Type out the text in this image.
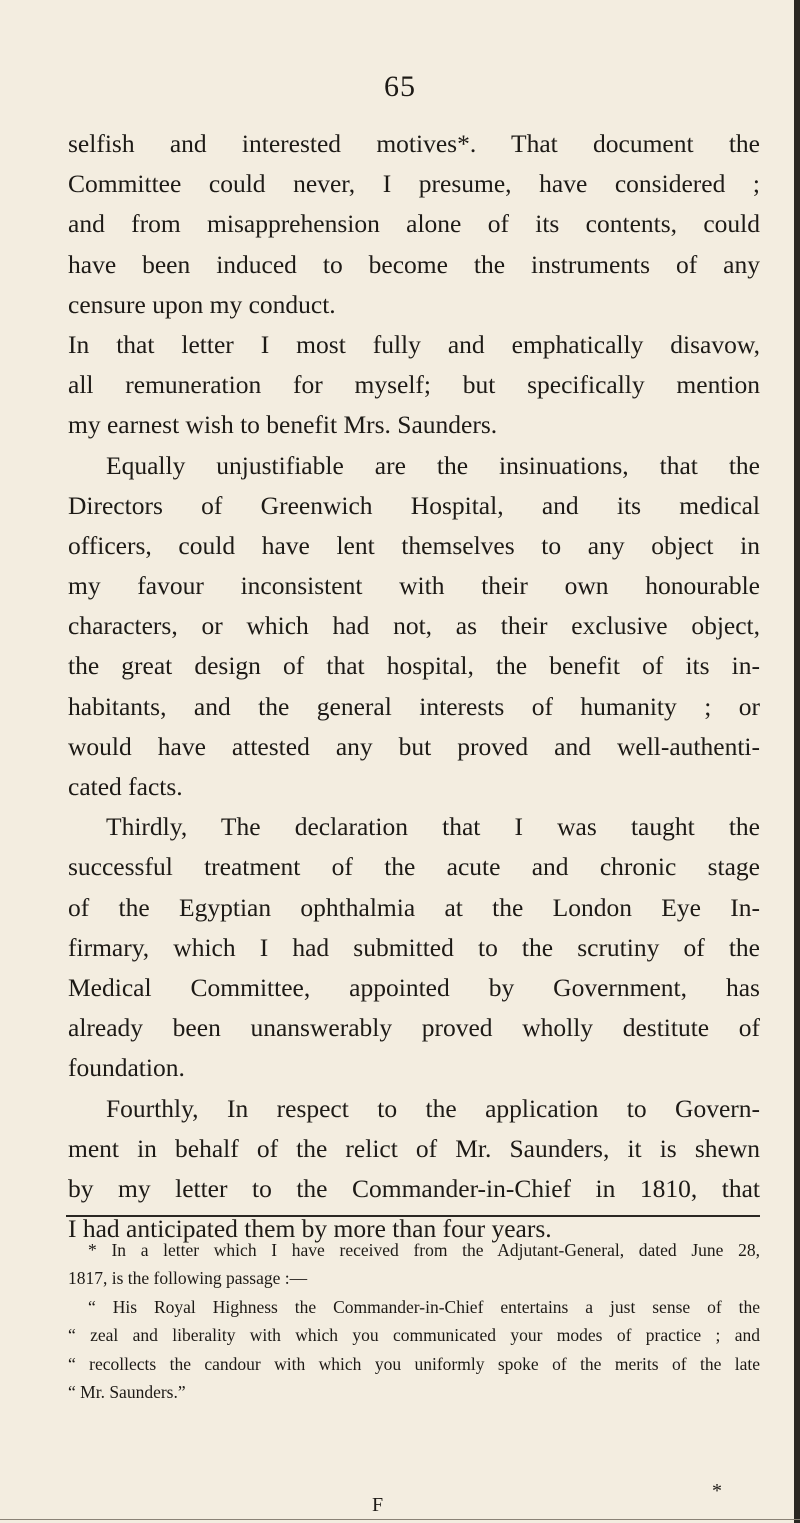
65
selfish and interested motives*. That document the
Committee could never, I presume, have considered ;
and from misapprehension alone of its contents, could
have been induced to become the instruments of any
censure upon my conduct.
In that letter I most fully and emphatically disavow,
all remuneration for myself; but specifically mention
my earnest wish to benefit Mrs. Saunders.
Equally unjustifiable are the insinuations, that the
Directors of Greenwich Hospital, and its medical
officers, could have lent themselves to any object in
my favour inconsistent with their own honourable
characters, or which had not, as their exclusive object,
the great design of that hospital, the benefit of its in-
habitants, and the general interests of humanity ; or
would have attested any but proved and well-authenti-
cated facts.
Thirdly, The declaration that I was taught the
successful treatment of the acute and chronic stage
of the Egyptian ophthalmia at the London Eye In-
firmary, which I had submitted to the scrutiny of the
Medical Committee, appointed by Government, has
already been unanswerably proved wholly destitute of
foundation.
Fourthly, In respect to the application to Govern-
ment in behalf of the relict of Mr. Saunders, it is shewn
by my letter to the Commander-in-Chief in 1810, that
I had anticipated them by more than four years.
* In a letter which I have received from the Adjutant-General, dated June 28,
1817, is the following passage :—
“ His Royal Highness the Commander-in-Chief entertains a just sense of the
“ zeal and liberality with which you communicated your modes of practice ; and
“ recollects the candour with which you uniformly spoke of the merits of the late
“ Mr. Saunders.”
F
*
